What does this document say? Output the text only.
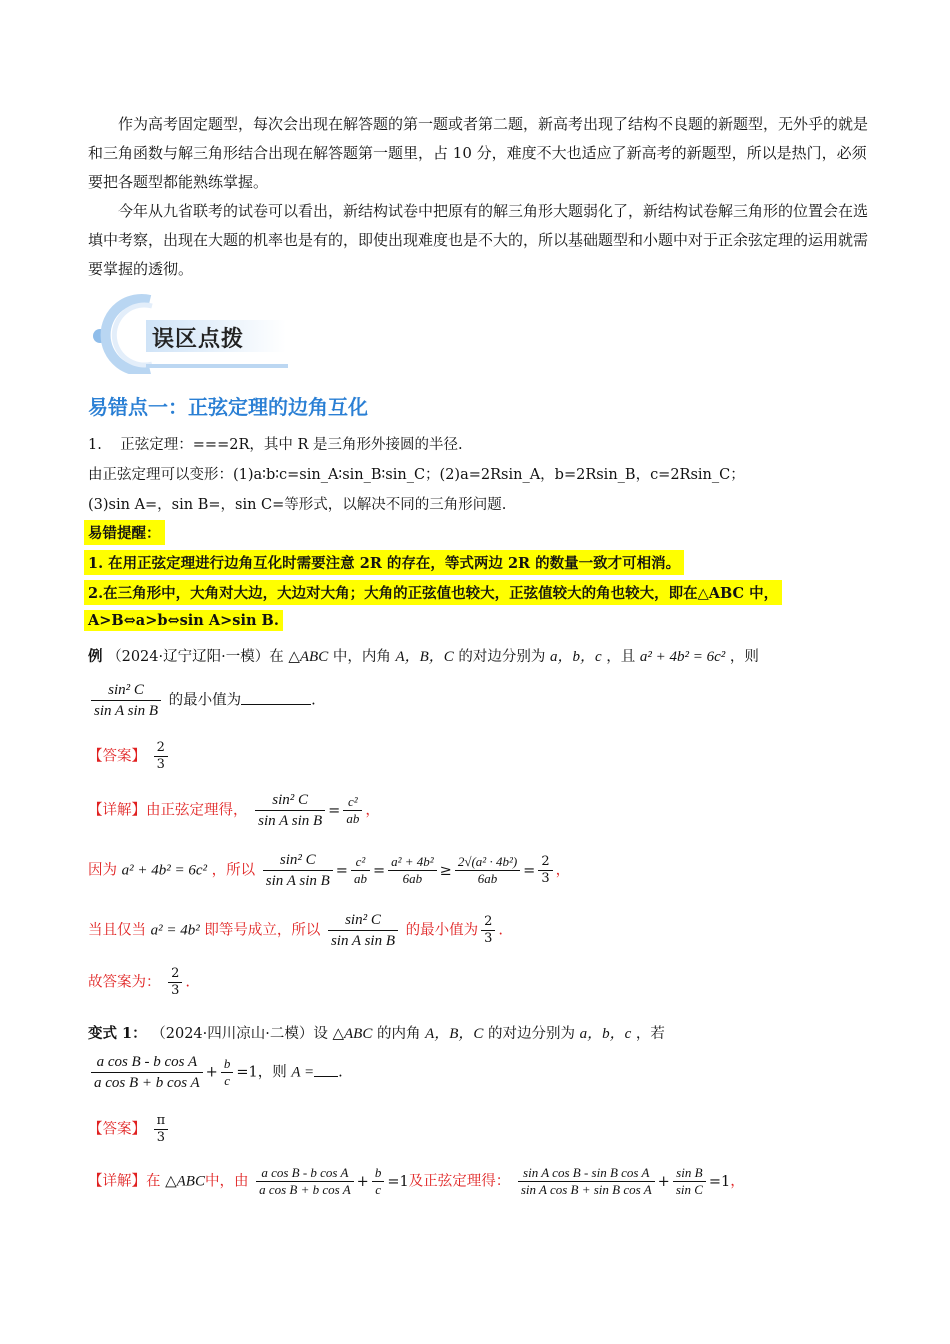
作为高考固定题型，每次会出现在解答题的第一题或者第二题，新高考出现了结构不良题的新题型，无外乎的就是和三角函数与解三角形结合出现在解答题第一题里，占 10 分，难度不大也适应了新高考的新题型，所以是热门，必须要把各题型都能熟练掌握。
今年从九省联考的试卷可以看出，新结构试卷中把原有的解三角形大题弱化了，新结构试卷解三角形的位置会在选填中考察，出现在大题的机率也是有的，即使出现难度也是不大的，所以基础题型和小题中对于正余弦定理的运用就需要掌握的透彻。
误区点拨
易错点一：正弦定理的边角互化
1. 正弦定理：===2R，其中 R 是三角形外接圆的半径.
由正弦定理可以变形：(1)a∶b∶c=sin_A∶sin_B∶sin_C；(2)a=2Rsin_A，b=2Rsin_B，c=2Rsin_C；
(3)sin A=，sin B=，sin C=等形式，以解决不同的三角形问题.
易错提醒：
1. 在用正弦定理进行边角互化时需要注意 2R 的存在，等式两边 2R 的数量一致才可相消。
2.在三角形中，大角对大边，大边对大角；大角的正弦值也较大，正弦值较大的角也较大，即在△ABC 中，
A>B⇔a>b⇔sin A>sin B.
例 （2024·辽宁辽阳·一模）在 △ABC 中，内角 A，B，C 的对边分别为 a，b，c ，且 a² + 4b² = 6c² ，则
$\frac{\text{sin² C}}{\text{sin A sin B}}$ 的最小值为	.
【答案】 $\frac{2}{3}$
【详解】由正弦定理得， $\frac{\text{sin² C}}{\text{sin A sin B}} = \frac{\text{c²}}{ab}$ ，
因为 a² + 4b² = 6c² ，所以 $\frac{\text{sin² C}}{\text{sin A sin B}} = \frac{\text{c²}}{ab} = \frac{\text{a² + 4b²}}{6ab} \ge \frac{\text{2√(a² · 4b²)}}{6ab} = \frac{2}{3}$ ，
当且仅当 a² = 4b² 即等号成立，所以 $\frac{\text{sin² C}}{\text{sin A sin B}}$ 的最小值为 $\frac{2}{3}$ .
故答案为： $\frac{2}{3}$ .
变式 1： （2024·四川凉山·二模）设 △ABC 的内角 A，B，C 的对边分别为 a，b，c ，若
$\frac{\text{a cos B - b cos A}}{\text{a cos B + b cos A}} + \frac{b}{c} =1$，则 A = .
【答案】 $\frac{\pi}{3}$
【详解】在 △ABC中，由 $\frac{\text{a cos B - b cos A}}{\text{a cos B + b cos A}} + \frac{b}{c} =1$及正弦定理得： $\frac{\text{sin A cos B - sin B cos A}}{\text{sin A cos B + sin B cos A}} + \frac{\text{sin B}}{\text{sin C}} =1$，
